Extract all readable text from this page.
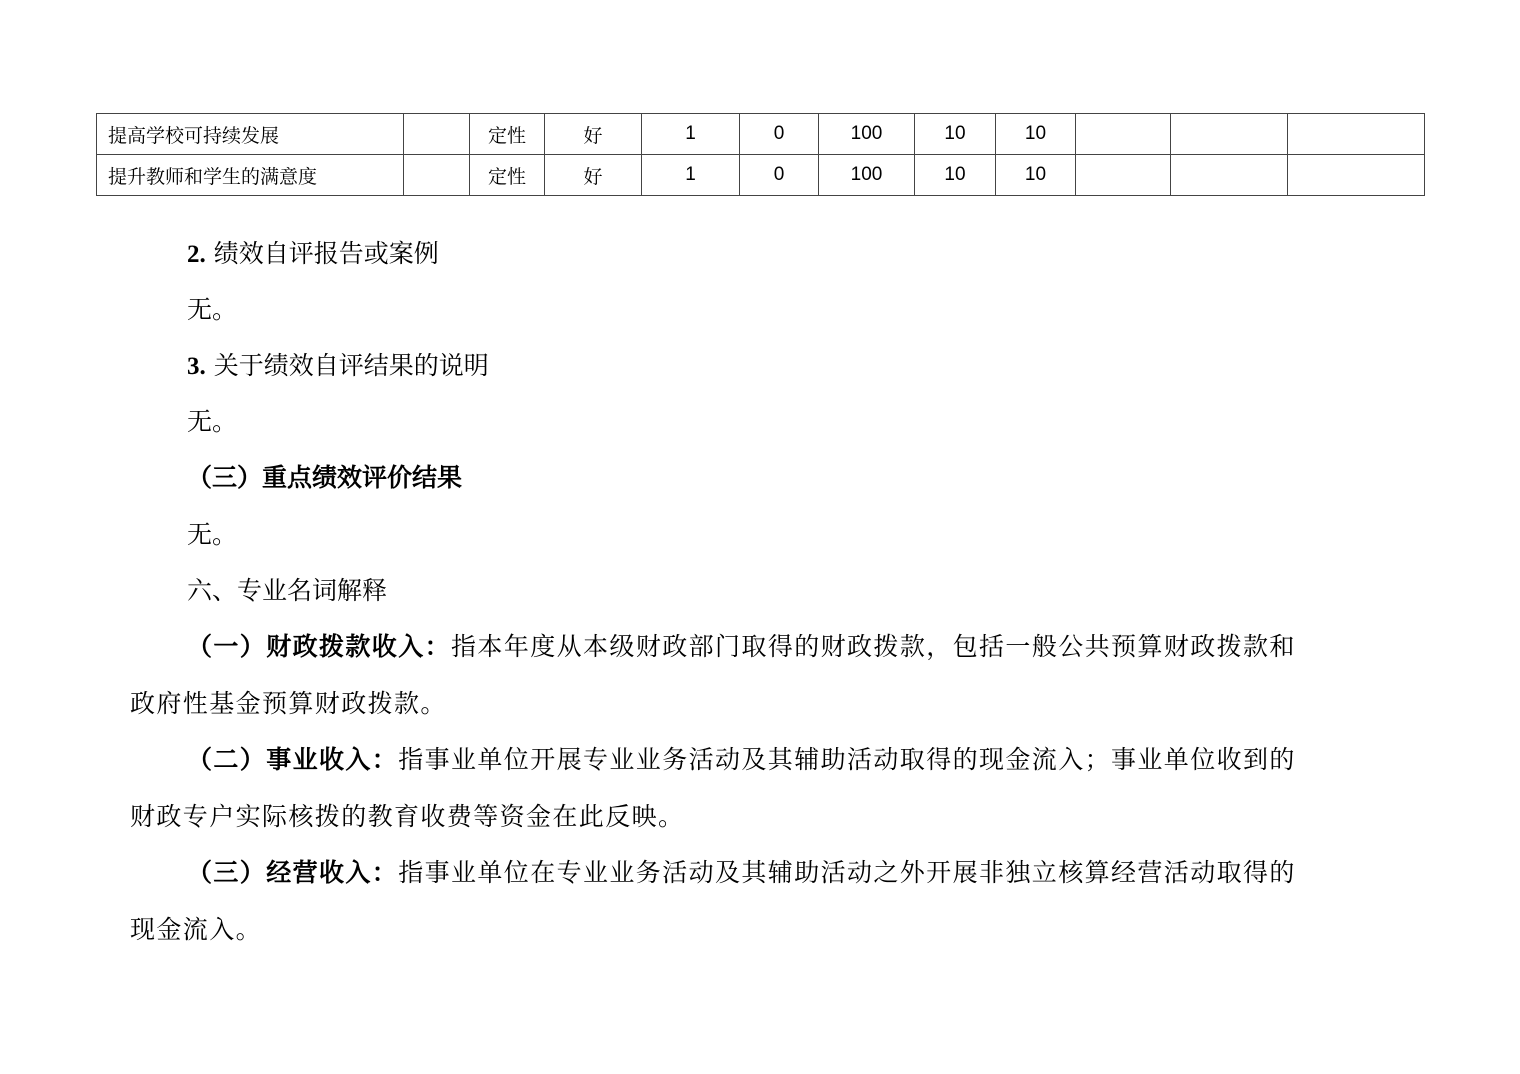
提高学校可持续发展		定性	好	1	0	100	10	10			
提升教师和学生的满意度		定性	好	1	0	100	10	10			
2. 绩效自评报告或案例
无。
3. 关于绩效自评结果的说明
无。
（三）重点绩效评价结果
无。
六、专业名词解释
（一）财政拨款收入：指本年度从本级财政部门取得的财政拨款，包括一般公共预算财政拨款和
政府性基金预算财政拨款。
（二）事业收入：指事业单位开展专业业务活动及其辅助活动取得的现金流入；事业单位收到的
财政专户实际核拨的教育收费等资金在此反映。
（三）经营收入：指事业单位在专业业务活动及其辅助活动之外开展非独立核算经营活动取得的
现金流入。
